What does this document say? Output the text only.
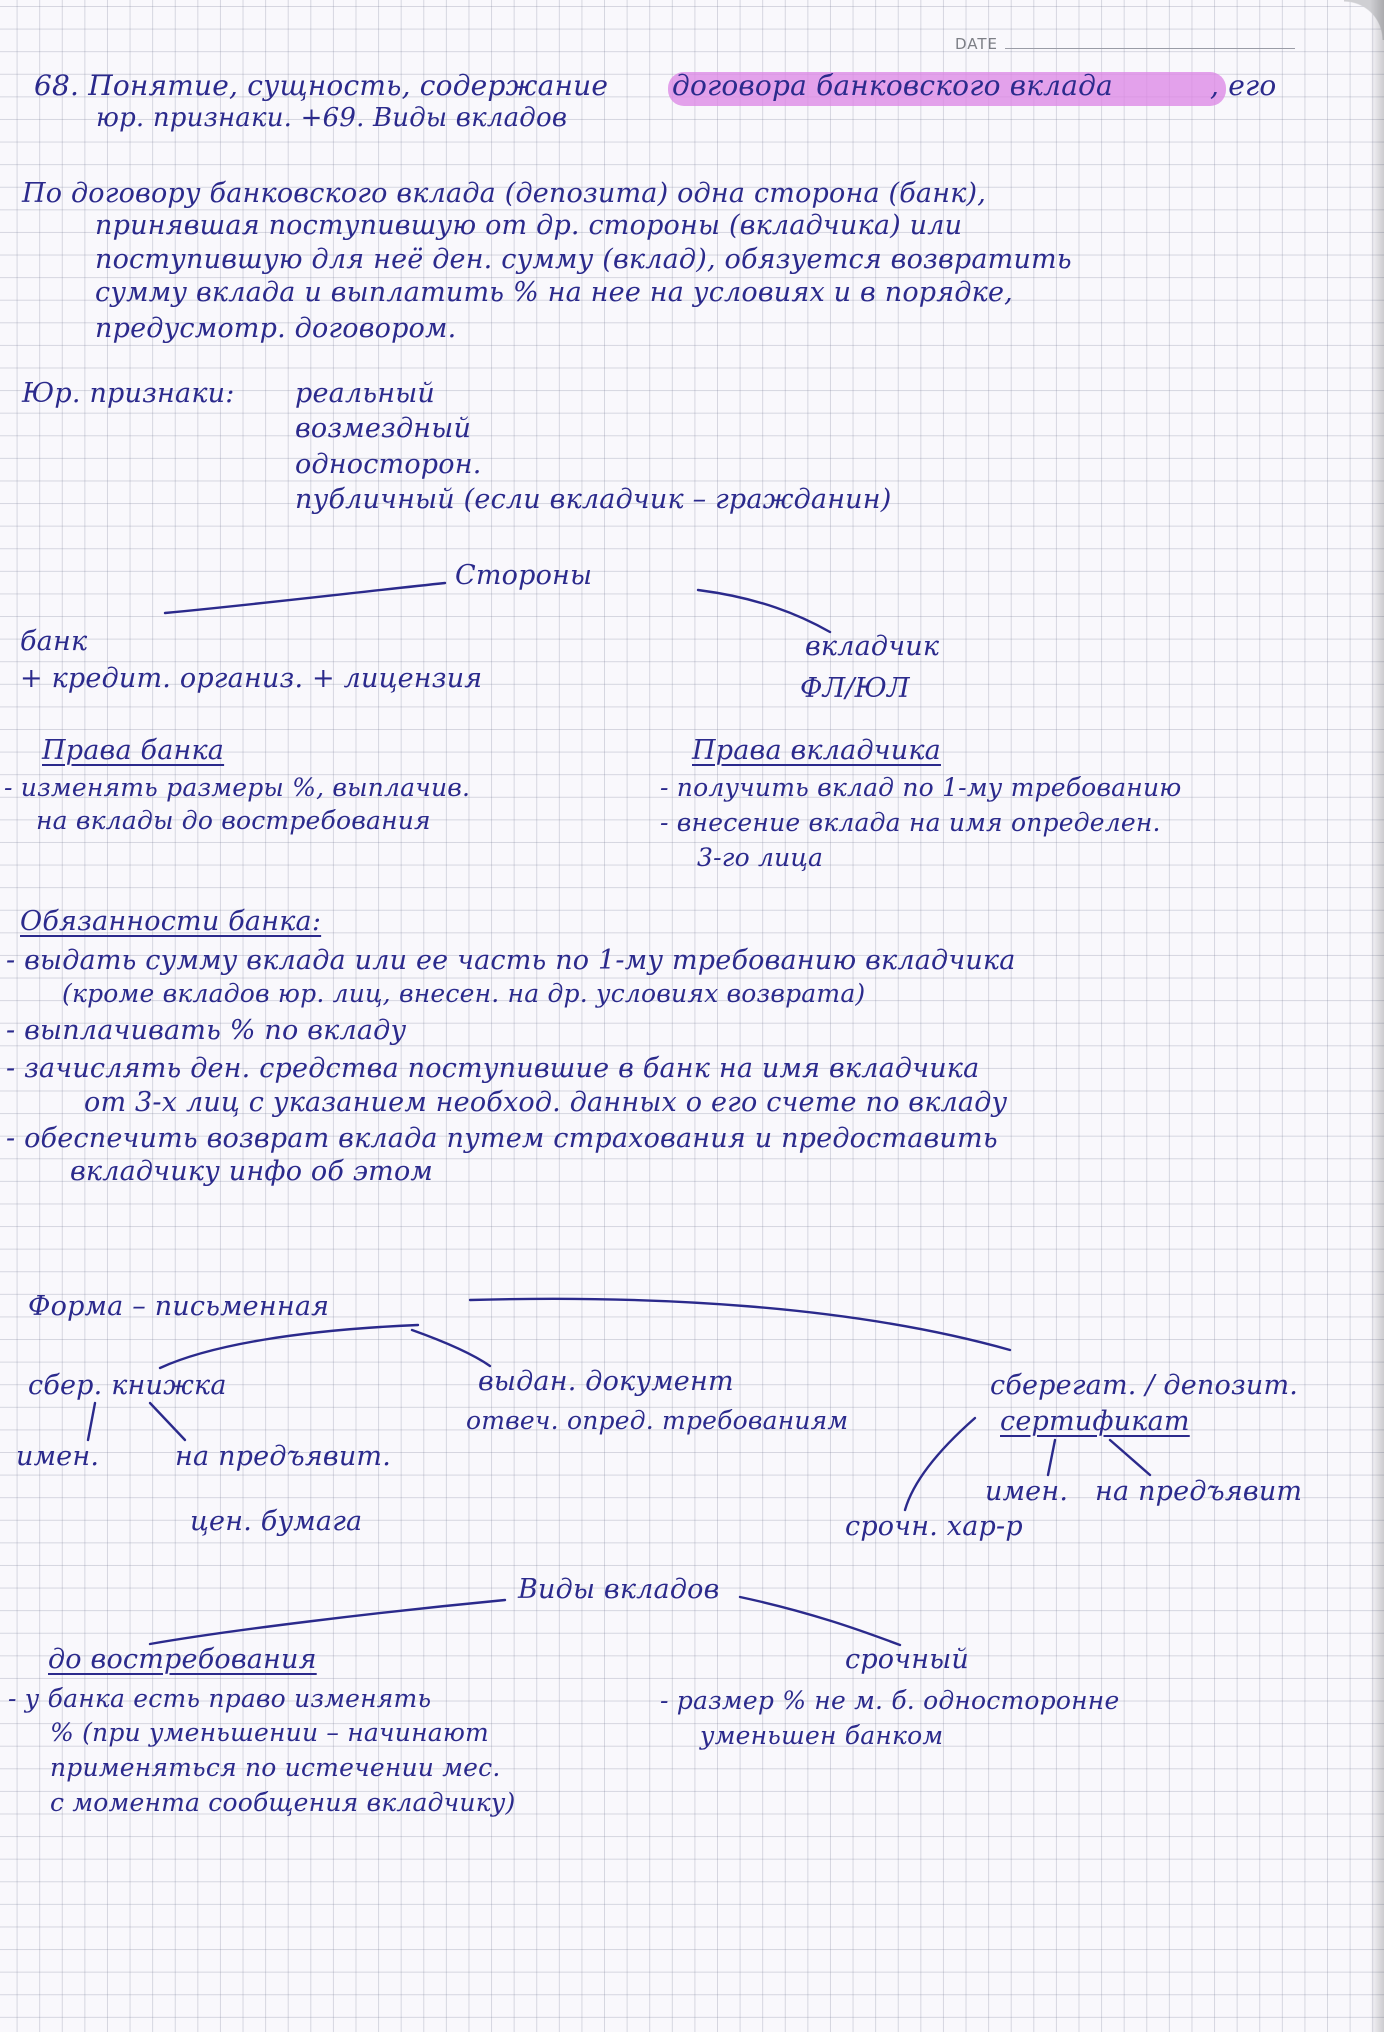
DATE

68. Понятие, сущность, содержание договора банковского вклада	, его

юр. признаки. +69. Виды вкладов

По договору банковского вклада (депозита) одна сторона (банк),

принявшая поступившую от др. стороны (вкладчика) или

поступившую для неё ден. сумму (вклад), обязуется возвратить

сумму вклада и выплатить % на нее на условиях и в порядке,

предусмотр. договором.

Юр. признаки: реальный

возмездный

односторон.

публичный (если вкладчик – гражданин)

Стороны

банк

+ кредит. организ. + лицензия

вкладчик

ФЛ/ЮЛ

Права банка

- изменять размеры %, выплачив.

на вклады до востребования

Права вкладчика

- получить вклад по 1-му требованию

- внесение вклада на имя определен.

3-го лица

Обязанности банка:

- выдать сумму вклада или ее часть по 1-му требованию вкладчика

(кроме вкладов юр. лиц, внесен. на др. условиях возврата)

- выплачивать % по вкладу

- зачислять ден. средства поступившие в банк на имя вкладчика

от 3-х лиц с указанием необход. данных о его счете по вкладу

- обеспечить возврат вклада путем страхования и предоставить

вкладчику инфо об этом

Форма – письменная

сбер. книжка

имен.	на предъявит.

цен. бумага

выдан. документ

отвеч. опред. требованиям

сберегат. / депозит.

сертификат

имен. на предъявит

срочн. хар-р

Виды вкладов

до востребования

- у банка есть право изменять

% (при уменьшении – начинают

применяться по истечении мес.

с момента сообщения вкладчику)

срочный

- размер % не м. б. односторонне

уменьшен банком
